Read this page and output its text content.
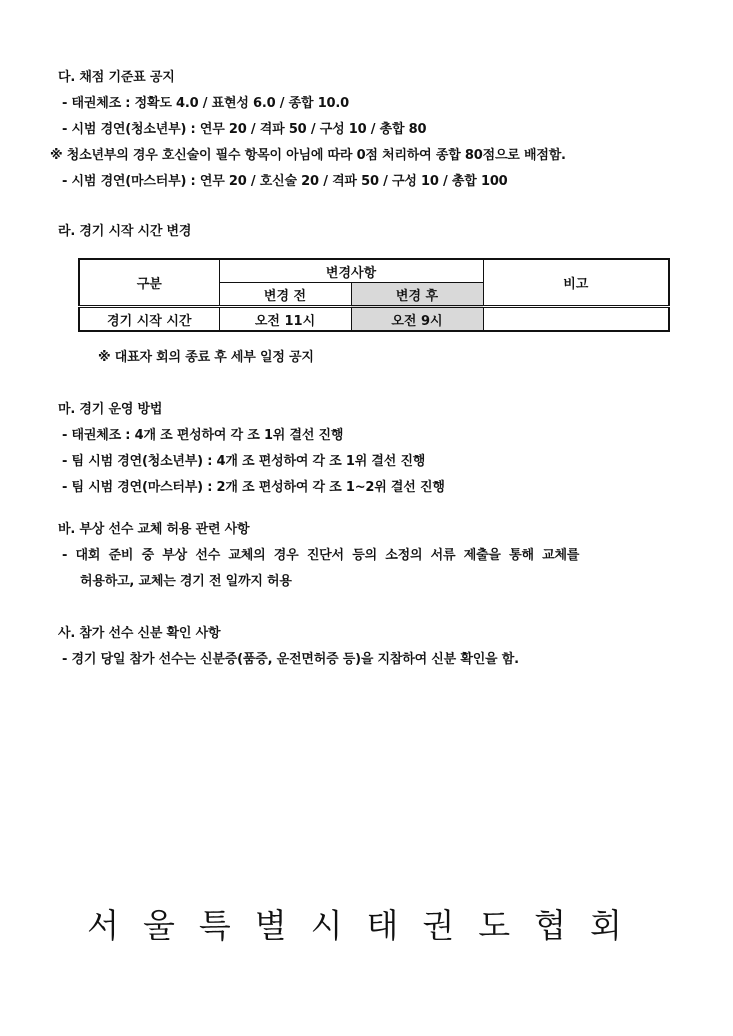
다. 채점 기준표 공지
- 태권체조 : 정확도 4.0 / 표현성 6.0 / 종합 10.0
- 시범 경연(청소년부) : 연무 20 / 격파 50 / 구성 10 / 총합 80
※ 청소년부의 경우 호신술이 필수 항목이 아님에 따라 0점 처리하여 종합 80점으로 배점함.
- 시범 경연(마스터부) : 연무 20 / 호신술 20 / 격파 50 / 구성 10 / 총합 100
라. 경기 시작 시간 변경
구분	변경사항		비고
	변경 전	변경 후	
경기 시작 시간	오전 11시	오전 9시	
※ 대표자 회의 종료 후 세부 일정 공지
마. 경기 운영 방법
- 태권체조 : 4개 조 편성하여 각 조 1위 결선 진행
- 팀 시범 경연(청소년부) : 4개 조 편성하여 각 조 1위 결선 진행
- 팀 시범 경연(마스터부) : 2개 조 편성하여 각 조 1~2위 결선 진행
바. 부상 선수 교체 허용 관련 사항
- 대회 준비 중 부상 선수 교체의 경우 진단서 등의 소정의 서류 제출을 통해 교체를
허용하고, 교체는 경기 전 일까지 허용
사. 참가 선수 신분 확인 사항
- 경기 당일 참가 선수는 신분증(품증, 운전면허증 등)을 지참하여 신분 확인을 함.
서울특별시태권도협회
